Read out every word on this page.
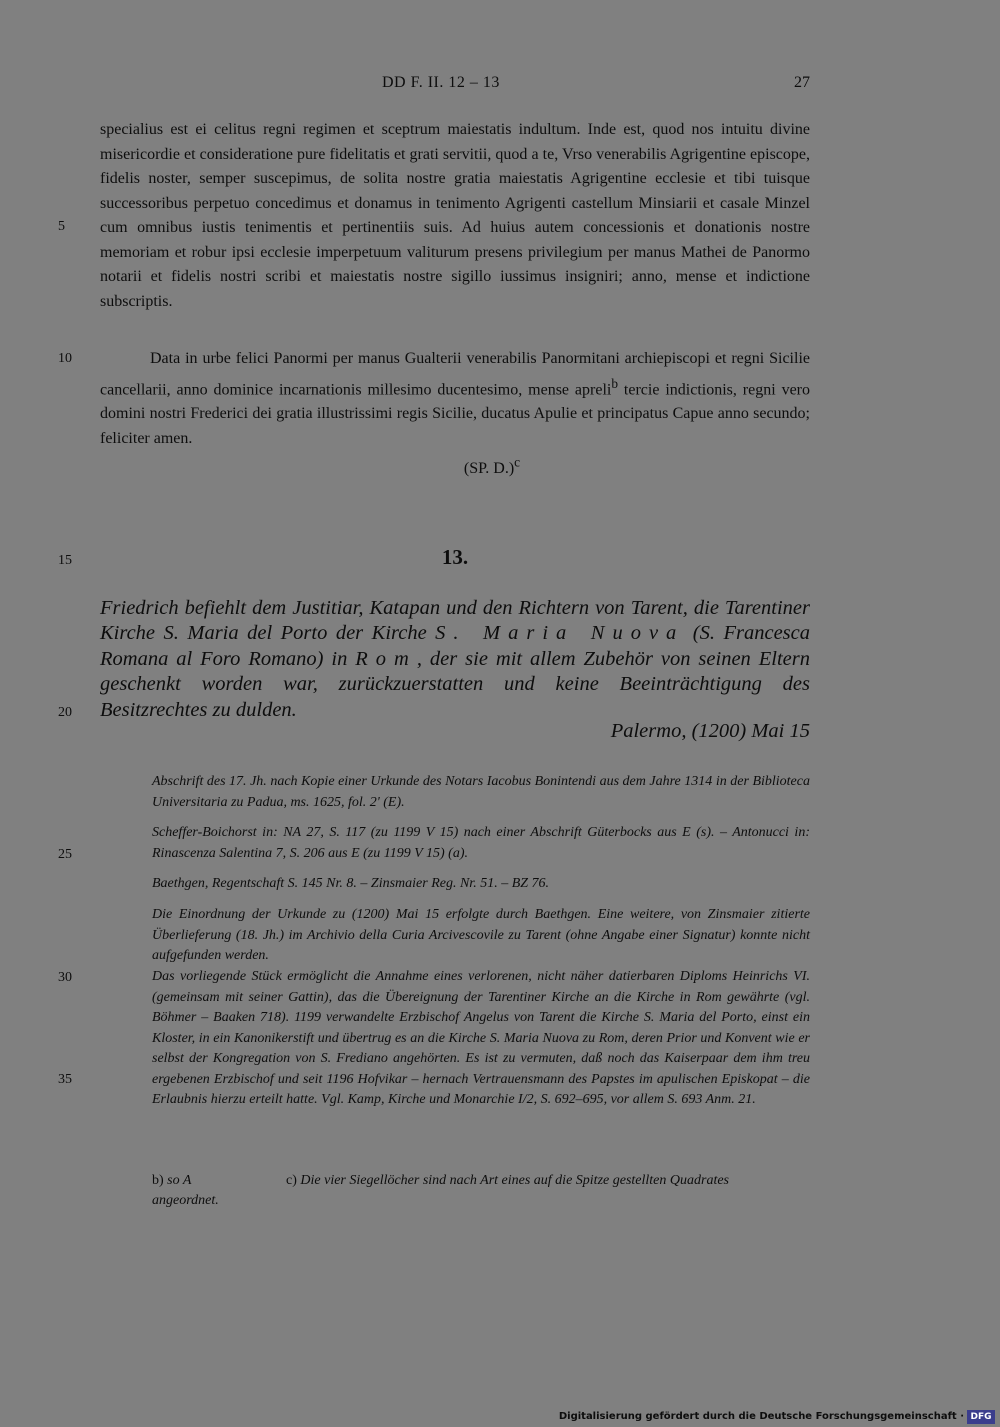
DD F. II. 12 – 13	27
specialius est ei celitus regni regimen et sceptrum maiestatis indultum. Inde est, quod nos intuitu divine misericordie et consideratione pure fidelitatis et grati servitii, quod a te, Vrso venerabilis Agrigentine episcope, fidelis noster, semper suscepimus, de solita nostre gratia maiestatis Agrigentine ecclesie et tibi tuisque successoribus perpetuo concedimus et donamus in tenimento Agrigenti castellum Minsiarii et casale Minzel cum omnibus iustis tenimentis et pertinentiis suis. Ad huius autem concessionis et donationis nostre memoriam et robur ipsi ecclesie imperpetuum valiturum presens privilegium per manus Mathei de Panormo notarii et fidelis nostri scribi et maiestatis nostre sigillo iussimus insigniri; anno, mense et indictione subscriptis.
Data in urbe felici Panormi per manus Gualterii venerabilis Panormitani archiepiscopi et regni Sicilie cancellarii, anno dominice incarnationis millesimo ducentesimo, mense apreli$^b$ tercie indictionis, regni vero domini nostri Frederici dei gratia illustrissimi regis Sicilie, ducatus Apulie et principatus Capue anno secundo; feliciter amen.
(SP. D.)$^c$
5
10
15
20
25
30
35
13.
Friedrich befiehlt dem Justitiar, Katapan und den Richtern von Tarent, die Tarentiner Kirche S. Maria del Porto der Kirche S. Maria Nuova (S. Francesca Romana al Foro Romano) in Rom, der sie mit allem Zubehör von seinen Eltern geschenkt worden war, zurückzuerstatten und keine Beeinträchtigung des Besitzrechtes zu dulden.
Palermo, (1200) Mai 15
Abschrift des 17. Jh. nach Kopie einer Urkunde des Notars Iacobus Bonintendi aus dem Jahre 1314 in der Biblioteca Universitaria zu Padua, ms. 1625, fol. 2' (E).
Scheffer-Boichorst in: NA 27, S. 117 (zu 1199 V 15) nach einer Abschrift Güterbocks aus E (s). – Antonucci in: Rinascenza Salentina 7, S. 206 aus E (zu 1199 V 15) (a).
Baethgen, Regentschaft S. 145 Nr. 8. – Zinsmaier Reg. Nr. 51. – BZ 76.
Die Einordnung der Urkunde zu (1200) Mai 15 erfolgte durch Baethgen. Eine weitere, von Zinsmaier zitierte Überlieferung (18. Jh.) im Archivio della Curia Arcivescovile zu Tarent (ohne Angabe einer Signatur) konnte nicht aufgefunden werden.
Das vorliegende Stück ermöglicht die Annahme eines verlorenen, nicht näher datierbaren Diploms Heinrichs VI. (gemeinsam mit seiner Gattin), das die Übereignung der Tarentiner Kirche an die Kirche in Rom gewährte (vgl. Böhmer – Baaken 718). 1199 verwandelte Erzbischof Angelus von Tarent die Kirche S. Maria del Porto, einst ein Kloster, in ein Kanonikerstift und übertrug es an die Kirche S. Maria Nuova zu Rom, deren Prior und Konvent wie er selbst der Kongregation von S. Frediano angehörten. Es ist zu vermuten, daß noch das Kaiserpaar dem ihm treu ergebenen Erzbischof und seit 1196 Hofvikar – hernach Vertrauensmann des Papstes im apulischen Episkopat – die Erlaubnis hierzu erteilt hatte. Vgl. Kamp, Kirche und Monarchie I/2, S. 692–695, vor allem S. 693 Anm. 21.
b) so A	c) Die vier Siegellöcher sind nach Art eines auf die Spitze gestellten Quadrates
angeordnet.
Digitalisierung gefördert durch die Deutsche Forschungsgemeinschaft · DFG
